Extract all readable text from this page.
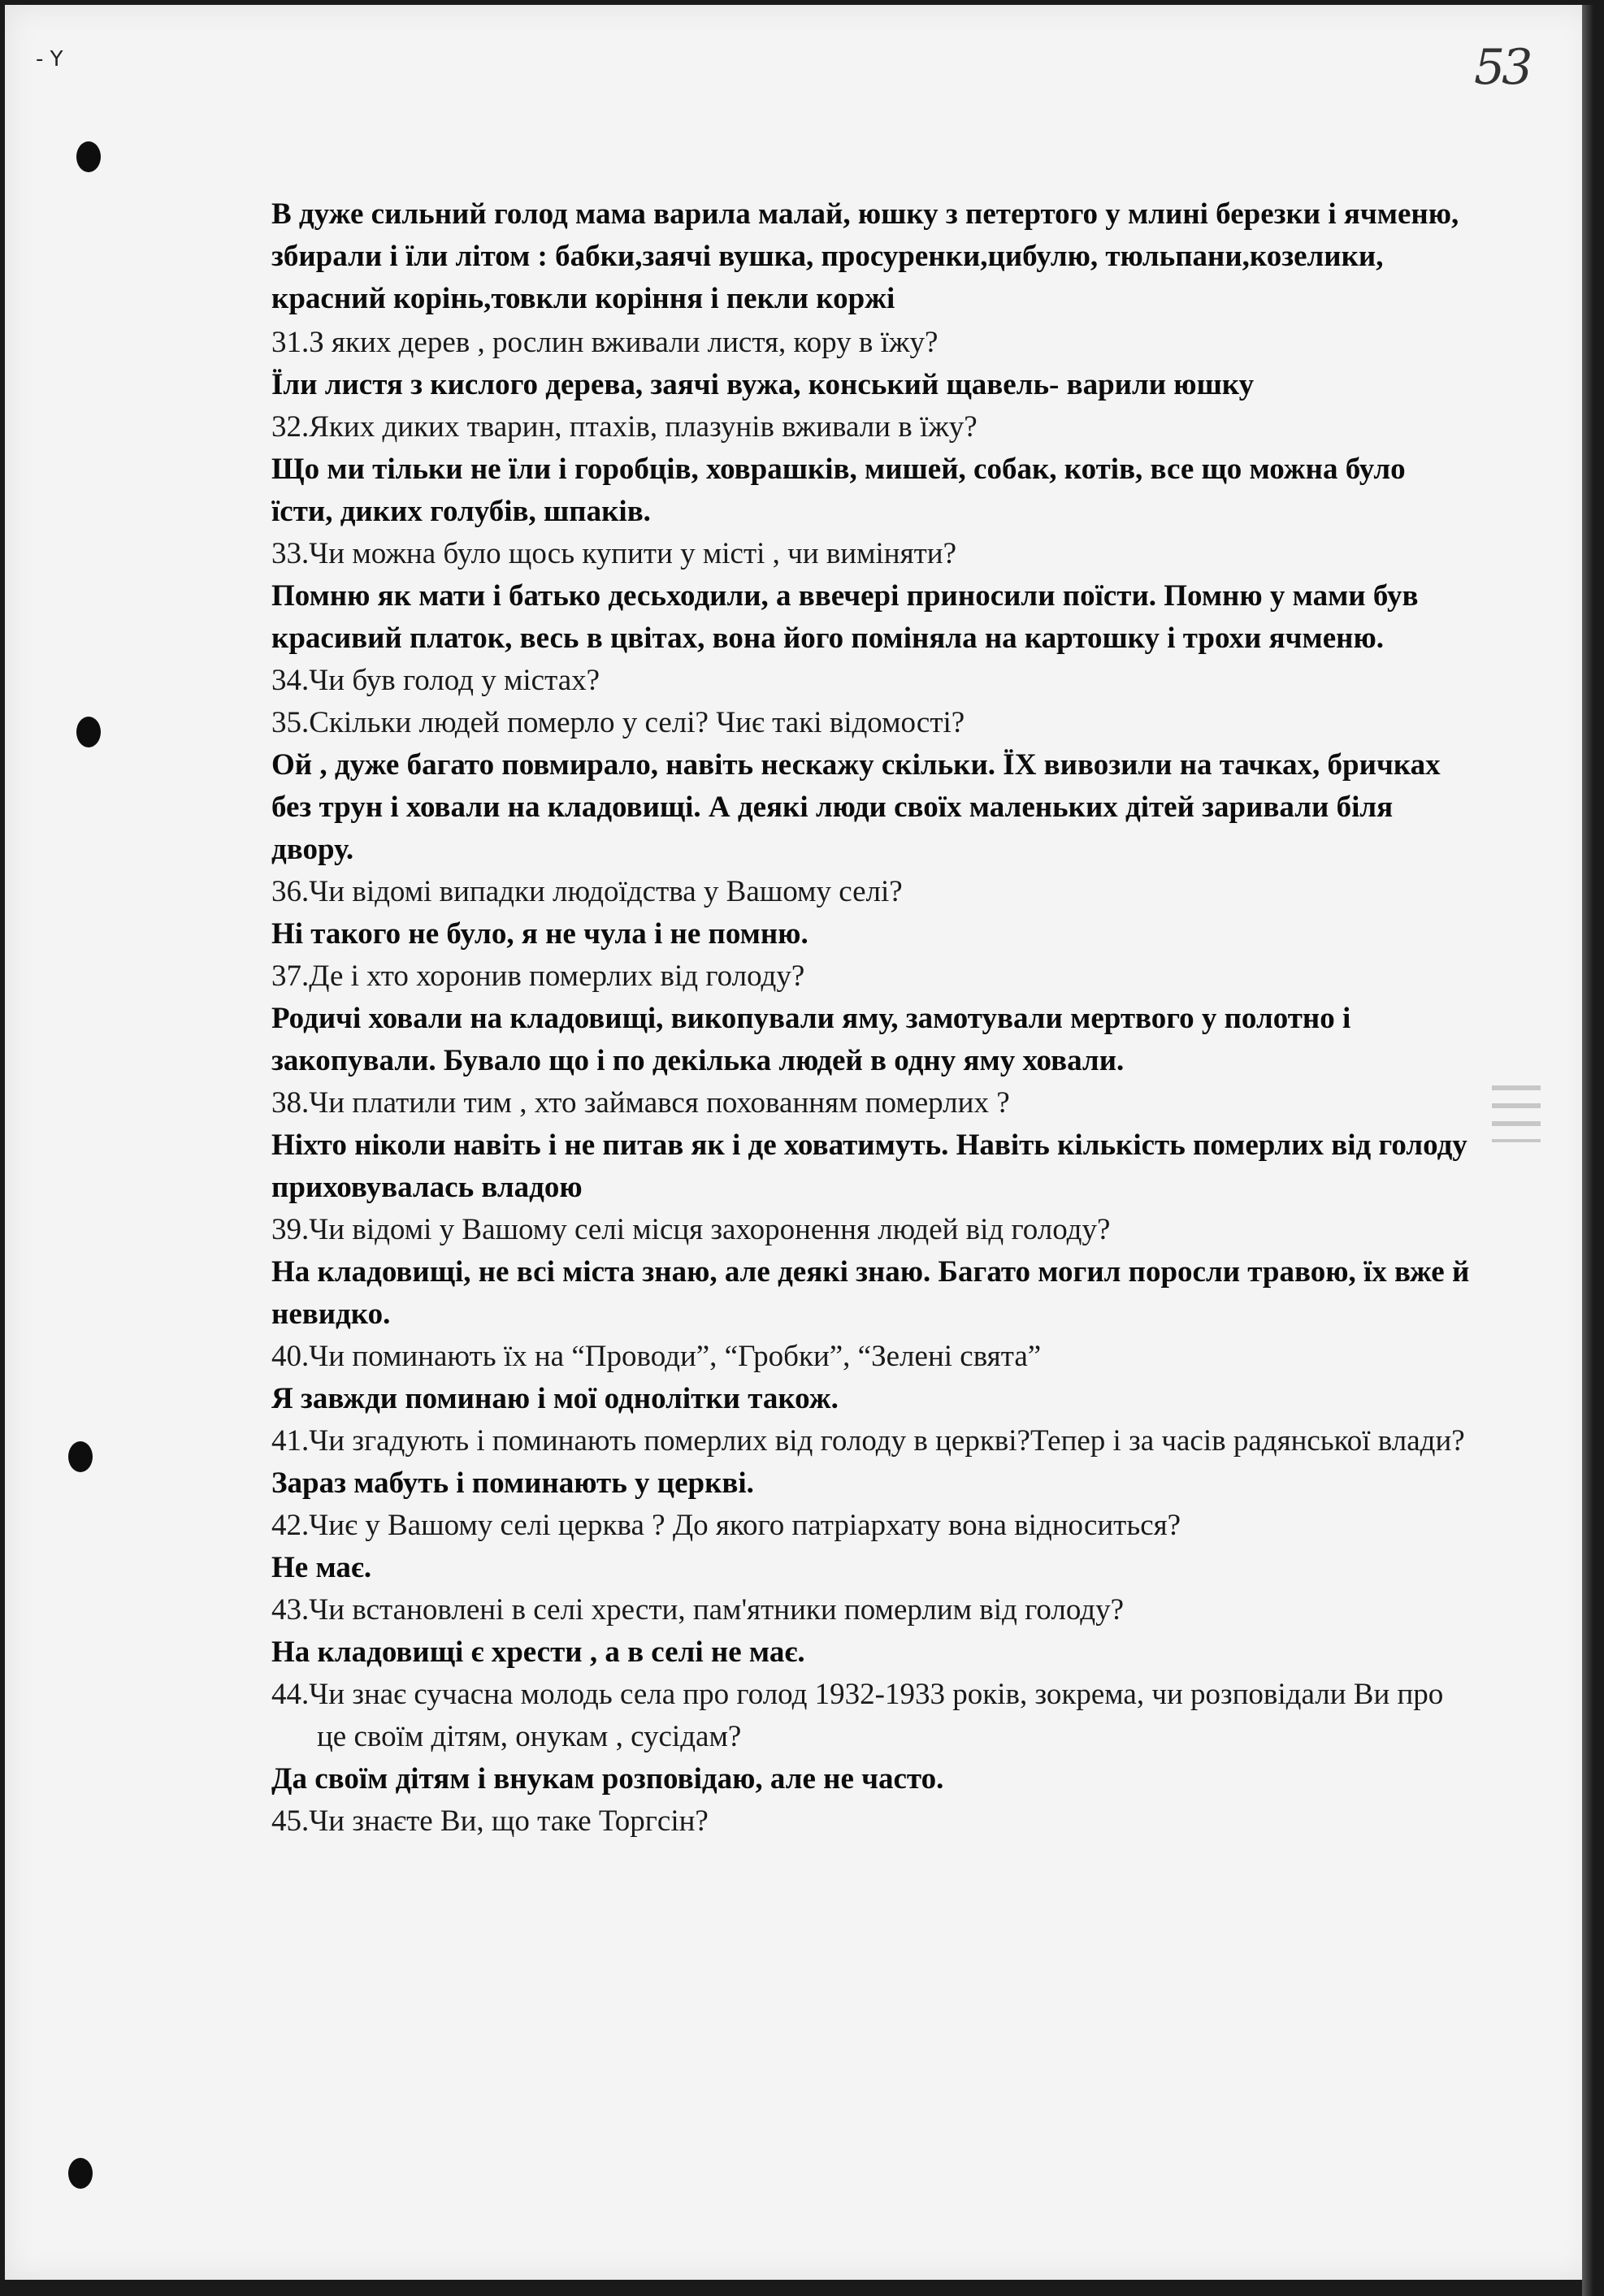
- Y	53

В дуже сильний голод мама варила малай, юшку з петертого у млині березки і ячменю, збирали і їли літом : бабки,заячі вушка, просуренки,цибулю, тюльпани,козелики, красний корінь,товкли коріння і пекли коржі

31.З яких дерев , рослин вживали листя, кору в їжу?

Їли листя з кислого дерева, заячі вужа, конський щавель- варили юшку

32.Яких диких тварин, птахів, плазунів вживали в їжу?

Що ми тільки не їли і горобців, ховрашків, мишей, собак, котів, все що можна було їсти, диких голубів, шпаків.

33.Чи можна було щось купити у місті , чи виміняти?

Помню як мати і батько десьходили, а ввечері приносили поїсти. Помню у мами був красивий платок, весь в цвітах, вона його поміняла на картошку і трохи ячменю.

34.Чи був голод у містах?

35.Скільки людей померло у селі? Чиє такі відомості?

Ой , дуже багато повмирало, навіть нескажу скільки. ЇХ вивозили на тачках, бричках без трун і ховали на кладовищі. А деякі люди своїх маленьких дітей заривали біля двору.

36.Чи відомі випадки людоїдства у Вашому селі?

Ні такого не було, я не чула і не помню.

37.Де і хто хоронив померлих від голоду?

Родичі ховали на кладовищі, викопували яму, замотували мертвого у полотно і закопували. Бувало що і по декілька людей в одну яму ховали.

38.Чи платили тим , хто займався похованням померлих ?

Ніхто ніколи навіть і не питав як і де ховатимуть. Навіть кількість померлих від голоду приховувалась владою

39.Чи відомі у Вашому селі місця захоронення людей від голоду?

На кладовищі, не всі міста знаю, але деякі знаю. Багато могил поросли травою, їх вже й невидко.

40.Чи поминають їх на “Проводи”, “Гробки”, “Зелені свята”

Я завжди поминаю і мої однолітки також.

41.Чи згадують і поминають померлих від голоду в церкві?Тепер і за часів радянської влади?

Зараз мабуть і поминають у церкві.

42.Чиє у Вашому селі церква ? До якого патріархату вона відноситься?

Не має.

43.Чи встановлені в селі хрести, пам'ятники померлим від голоду?

На кладовищі є хрести , а в селі не має.

44.Чи знає сучасна молодь села про голод 1932-1933 років, зокрема, чи розповідали Ви про це своїм дітям, онукам , сусідам?

Да своїм дітям і внукам розповідаю, але не часто.

45.Чи знаєте Ви, що таке Торгсін?
